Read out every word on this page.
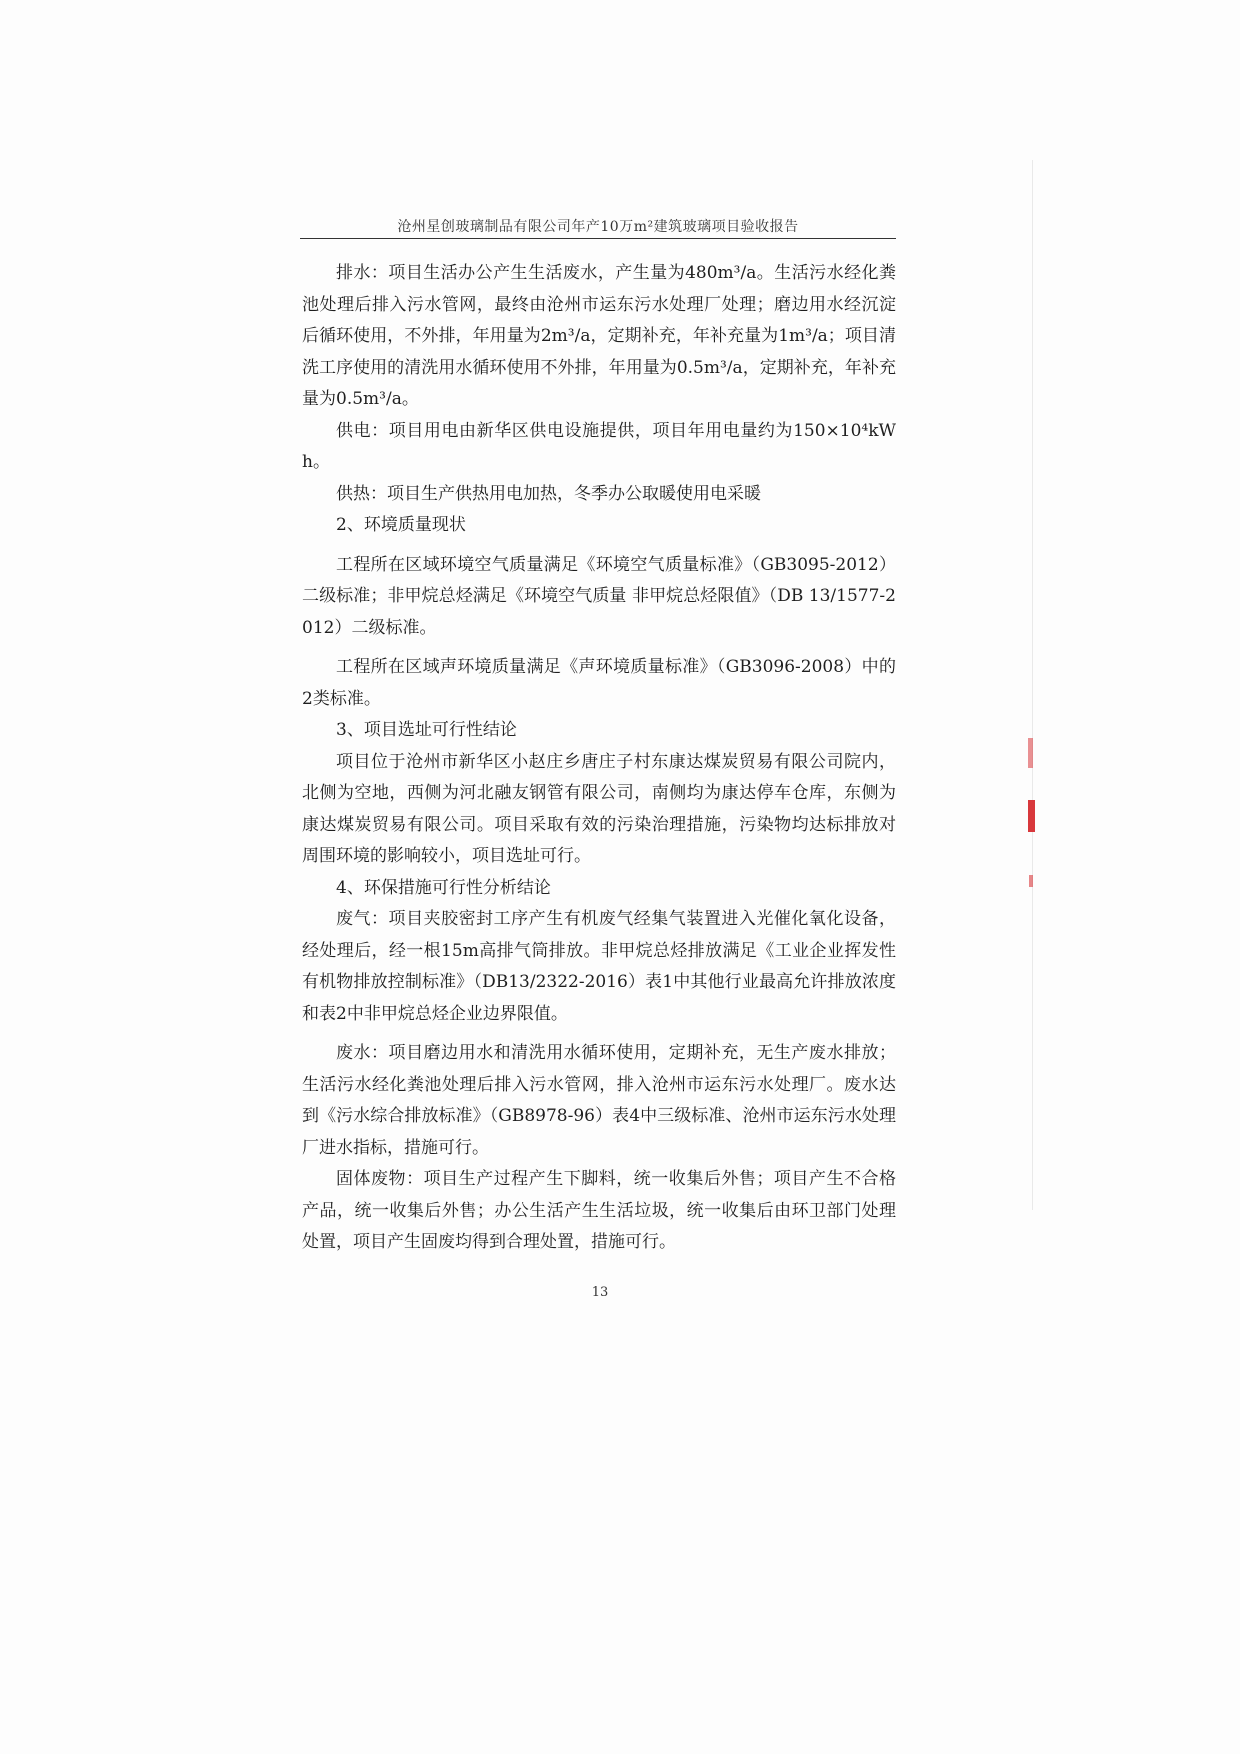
沧州星创玻璃制品有限公司年产10万m²建筑玻璃项目验收报告

排水：项目生活办公产生生活废水，产生量为480m³/a。生活污水经化粪池处理后排入污水管网，最终由沧州市运东污水处理厂处理；磨边用水经沉淀后循环使用，不外排，年用量为2m³/a，定期补充，年补充量为1m³/a；项目清洗工序使用的清洗用水循环使用不外排，年用量为0.5m³/a，定期补充，年补充量为0.5m³/a。

供电：项目用电由新华区供电设施提供，项目年用电量约为150×10⁴kWh。

供热：项目生产供热用电加热，冬季办公取暖使用电采暖

2、环境质量现状

工程所在区域环境空气质量满足《环境空气质量标准》（GB3095-2012）二级标准；非甲烷总烃满足《环境空气质量 非甲烷总烃限值》（DB 13/1577-2012）二级标准。

工程所在区域声环境质量满足《声环境质量标准》（GB3096-2008）中的2类标准。

3、项目选址可行性结论

项目位于沧州市新华区小赵庄乡唐庄子村东康达煤炭贸易有限公司院内，北侧为空地，西侧为河北融友钢管有限公司，南侧均为康达停车仓库，东侧为康达煤炭贸易有限公司。项目采取有效的污染治理措施，污染物均达标排放对周围环境的影响较小，项目选址可行。

4、环保措施可行性分析结论

废气：项目夹胶密封工序产生有机废气经集气装置进入光催化氧化设备，经处理后，经一根15m高排气筒排放。非甲烷总烃排放满足《工业企业挥发性有机物排放控制标准》（DB13/2322-2016）表1中其他行业最高允许排放浓度和表2中非甲烷总烃企业边界限值。

废水：项目磨边用水和清洗用水循环使用，定期补充，无生产废水排放；生活污水经化粪池处理后排入污水管网，排入沧州市运东污水处理厂。废水达到《污水综合排放标准》（GB8978-96）表4中三级标准、沧州市运东污水处理厂进水指标，措施可行。

固体废物：项目生产过程产生下脚料，统一收集后外售；项目产生不合格产品，统一收集后外售；办公生活产生生活垃圾，统一收集后由环卫部门处理处置，项目产生固废均得到合理处置，措施可行。

13
